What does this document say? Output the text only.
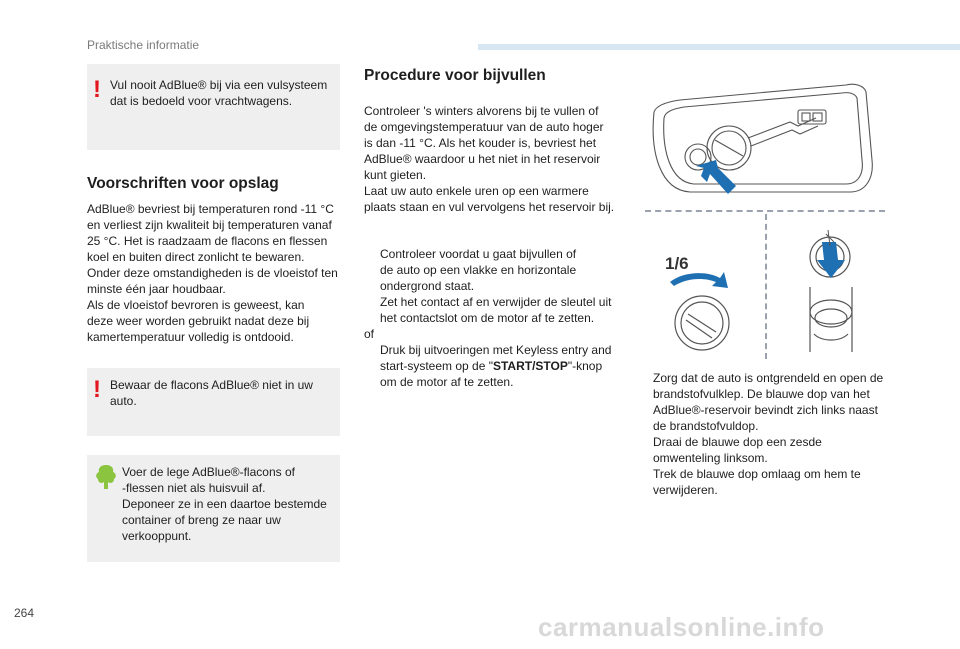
Praktische informatie
! Vul nooit AdBlue® bij via een vulsysteem dat is bedoeld voor vrachtwagens.

Voorschriften voor opslag

AdBlue® bevriest bij temperaturen rond -11 °C

en verliest zijn kwaliteit bij temperaturen vanaf

25 °C. Het is raadzaam de flacons en flessen

koel en buiten direct zonlicht te bewaren.

Onder deze omstandigheden is de vloeistof ten

minste één jaar houdbaar.

Als de vloeistof bevroren is geweest, kan

deze weer worden gebruikt nadat deze bij

kamertemperatuur volledig is ontdooid.

! Bewaar de flacons AdBlue® niet in uw

auto.

Voer de lege AdBlue®-flacons of

-flessen niet als huisvuil af.

Deponeer ze in een daartoe bestemde

container of breng ze naar uw

verkooppunt.

Procedure voor bijvullen

Controleer 's winters alvorens bij te vullen of

de omgevingstemperatuur van de auto hoger

is dan -11 °C. Als het kouder is, bevriest het

AdBlue® waardoor u het niet in het reservoir

kunt gieten.

Laat uw auto enkele uren op een warmere

plaats staan en vul vervolgens het reservoir bij.

Controleer voordat u gaat bijvullen of
de auto op een vlakke en horizontale
ondergrond staat.
Zet het contact af en verwijder de sleutel uit
het contactslot om de motor af te zetten.

of

Druk bij uitvoeringen met Keyless entry and
start-systeem op de "START/STOP"-knop
om de motor af te zetten.
1/6
Zorg dat de auto is ontgrendeld en open de
brandstofvulklep. De blauwe dop van het
AdBlue®-reservoir bevindt zich links naast
de brandstofvuldop.
Draai de blauwe dop een zesde
omwenteling linksom.
Trek de blauwe dop omlaag om hem te
verwijderen.
264	carmanualsonline.info
